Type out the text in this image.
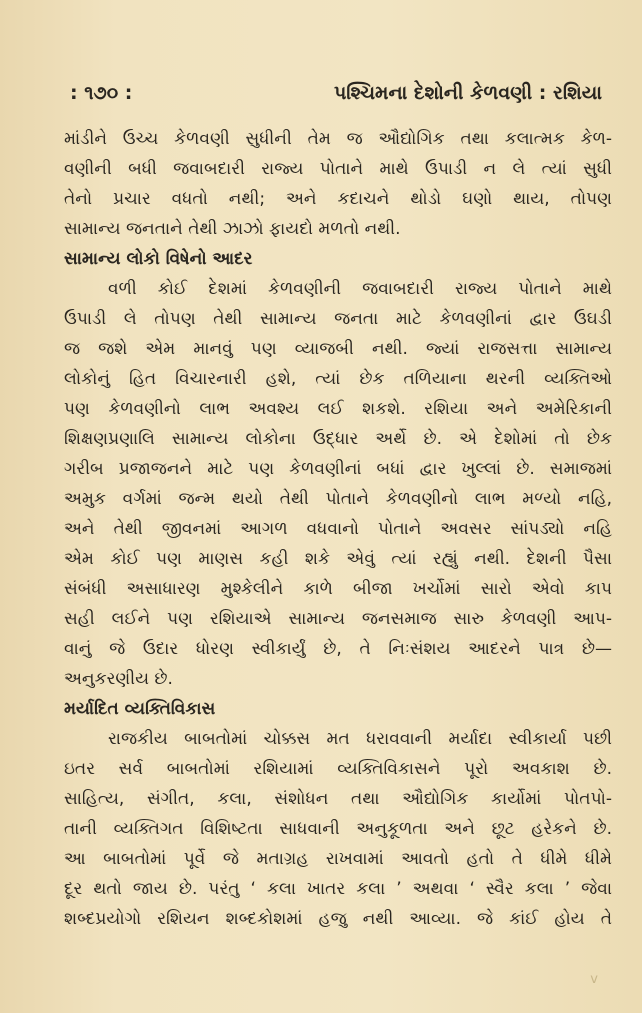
: ૧૭૦ :	પશ્ચિમના દેશોની કેળવણી : રશિયા
માંડીને ઉચ્ચ કેળવણી સુધીની તેમ જ ઔદ્યોગિક તથા કલાત્મક કેળ-
વણીની બધી જવાબદારી રાજ્ય પોતાને માથે ઉપાડી ન લે ત્યાં સુધી
તેનો પ્રચાર વધતો નથી; અને કદાચને થોડો ઘણો થાય, તોપણ
સામાન્ય જનતાને તેથી ઝાઝો ફાયદો મળતો નથી.
સામાન્ય લોકો વિષેનો આદર
વળી કોઈ દેશમાં કેળવણીની જવાબદારી રાજ્ય પોતાને માથે
ઉપાડી લે તોપણ તેથી સામાન્ય જનતા માટે કેળવણીનાં દ્વાર ઉઘડી
જ જશે એમ માનવું પણ વ્યાજબી નથી. જ્યાં રાજસત્તા સામાન્ય
લોકોનું હિત વિચારનારી હશે, ત્યાં છેક તળિયાના થરની વ્યક્તિઓ
પણ કેળવણીનો લાભ અવશ્ય લઈ શકશે. રશિયા અને અમેરિકાની
શિક્ષણપ્રણાલિ સામાન્ય લોકોના ઉદ્ધાર અર્થે છે. એ દેશોમાં તો છેક
ગરીબ પ્રજાજનને માટે પણ કેળવણીનાં બધાં દ્વાર ખુલ્લાં છે. સમાજમાં
અમુક વર્ગમાં જન્મ થયો તેથી પોતાને કેળવણીનો લાભ મળ્યો નહિ,
અને તેથી જીવનમાં આગળ વધવાનો પોતાને અવસર સાંપડ્યો નહિ
એમ કોઈ પણ માણસ કહી શકે એવું ત્યાં રહ્યું નથી. દેશની પૈસા
સંબંધી અસાધારણ મુશ્કેલીને કાળે બીજા ખર્ચોમાં સારો એવો કાપ
સહી લઈને પણ રશિયાએ સામાન્ય જનસમાજ સારુ કેળવણી આપ-
વાનું જે ઉદાર ધોરણ સ્વીકાર્યું છે, તે નિઃસંશય આદરને પાત્ર છે—
અનુકરણીય છે.
મર્યાદિત વ્યક્તિવિકાસ
રાજકીય બાબતોમાં ચોક્કસ મત ધરાવવાની મર્યાદા સ્વીકાર્યા પછી
ઇતર સર્વ બાબતોમાં રશિયામાં વ્યક્તિવિકાસને પૂરો અવકાશ છે.
સાહિત્ય, સંગીત, કલા, સંશોધન તથા ઔદ્યોગિક કાર્યોમાં પોતપો-
તાની વ્યક્તિગત વિશિષ્ટતા સાધવાની અનુકૂળતા અને છૂટ હરેકને છે.
આ બાબતોમાં પૂર્વે જે મતાગ્રહ રાખવામાં આવતો હતો તે ધીમે ધીમે
દૂર થતો જાય છે. પરંતુ ‘ કલા ખાતર કલા ’ અથવા ‘ સ્વૈર કલા ’ જેવા
શબ્દપ્રયોગો રશિયન શબ્દકોશમાં હજુ નથી આવ્યા. જે કાંઈ હોય તે
v
